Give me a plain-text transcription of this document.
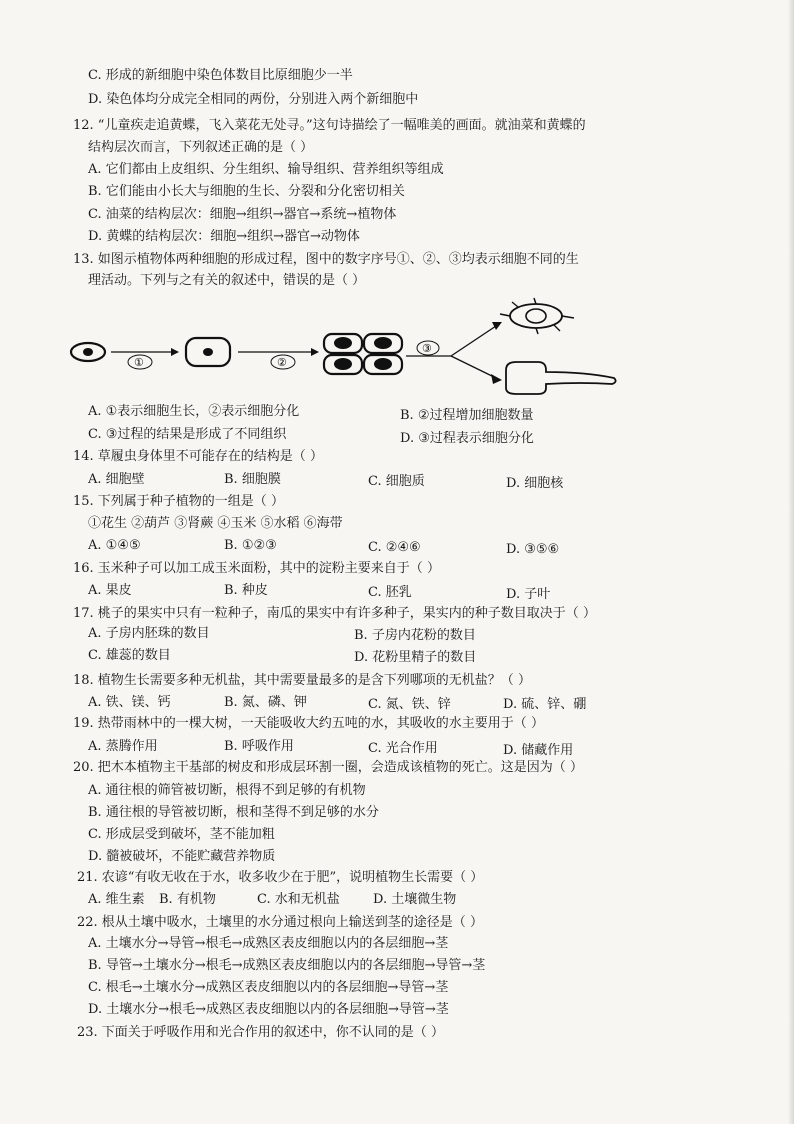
C. 形成的新细胞中染色体数目比原细胞少一半
D. 染色体均分成完全相同的两份，分别进入两个新细胞中
12. “儿童疾走追黄蝶，飞入菜花无处寻。”这句诗描绘了一幅唯美的画面。就油菜和黄蝶的
结构层次而言，下列叙述正确的是（ ）
A. 它们都由上皮组织、分生组织、输导组织、营养组织等组成
B. 它们能由小长大与细胞的生长、分裂和分化密切相关
C. 油菜的结构层次：细胞→组织→器官→系统→植物体
D. 黄蝶的结构层次：细胞→组织→器官→动物体
13. 如图示植物体两种细胞的形成过程，图中的数字序号①、②、③均表示细胞不同的生
理活动。下列与之有关的叙述中，错误的是（ ）
①	②
③
A. ①表示细胞生长，②表示细胞分化	B. ②过程增加细胞数量
C. ③过程的结果是形成了不同组织	D. ③过程表示细胞分化
14. 草履虫身体里不可能存在的结构是（ ）
A. 细胞壁	B. 细胞膜	C. 细胞质	D. 细胞核
15. 下列属于种子植物的一组是（ ）
①花生 ②葫芦 ③肾蕨 ④玉米 ⑤水稻 ⑥海带
A. ①④⑤	B. ①②③	C. ②④⑥	D. ③⑤⑥
16. 玉米种子可以加工成玉米面粉，其中的淀粉主要来自于（ ）
A. 果皮	B. 种皮	C. 胚乳	D. 子叶
17. 桃子的果实中只有一粒种子，南瓜的果实中有许多种子，果实内的种子数目取决于（ ）
A. 子房内胚珠的数目	B. 子房内花粉的数目
C. 雄蕊的数目	D. 花粉里精子的数目
18. 植物生长需要多种无机盐，其中需要量最多的是含下列哪项的无机盐？（ ）
A. 铁、镁、钙	B. 氮、磷、钾	C. 氮、铁、锌	D. 硫、锌、硼
19. 热带雨林中的一棵大树，一天能吸收大约五吨的水，其吸收的水主要用于（ ）
A. 蒸腾作用	B. 呼吸作用	C. 光合作用	D. 储藏作用
20. 把木本植物主干基部的树皮和形成层环割一圈，会造成该植物的死亡。这是因为（ ）
A. 通往根的筛管被切断，根得不到足够的有机物
B. 通往根的导管被切断，根和茎得不到足够的水分
C. 形成层受到破坏，茎不能加粗
D. 髓被破坏，不能贮藏营养物质
21. 农谚“有收无收在于水，收多收少在于肥”，说明植物生长需要（ ）
A. 维生素 B. 有机物	C. 水和无机盐	D. 土壤微生物
22. 根从土壤中吸水，土壤里的水分通过根向上输送到茎的途径是（ ）
A. 土壤水分→导管→根毛→成熟区表皮细胞以内的各层细胞→茎
B. 导管→土壤水分→根毛→成熟区表皮细胞以内的各层细胞→导管→茎
C. 根毛→土壤水分→成熟区表皮细胞以内的各层细胞→导管→茎
D. 土壤水分→根毛→成熟区表皮细胞以内的各层细胞→导管→茎
23. 下面关于呼吸作用和光合作用的叙述中，你不认同的是（ ）
